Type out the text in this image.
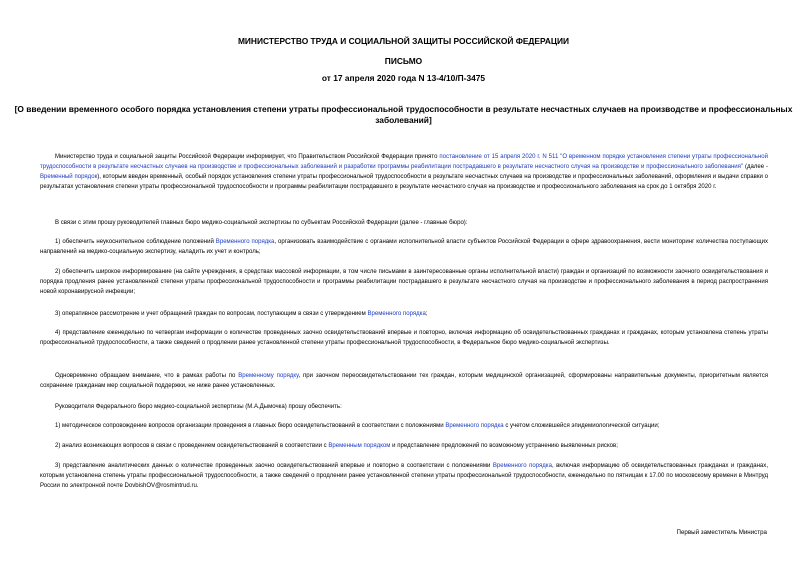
МИНИСТЕРСТВО ТРУДА И СОЦИАЛЬНОЙ ЗАЩИТЫ РОССИЙСКОЙ ФЕДЕРАЦИИ
ПИСЬМО
от 17 апреля 2020 года N 13-4/10/П-3475
[О введении временного особого порядка установления степени утраты профессиональной трудоспособности в результате несчастных случаев на производстве и профессиональных заболеваний]

Министерство труда и социальной защиты Российской Федерации информирует, что Правительством Российской Федерации принято постановление от 15 апреля 2020 г. N 511 "О временном порядке установления степени утраты профессиональной трудоспособности в результате несчастных случаев на производстве и профессиональных заболеваний и разработки программы реабилитации пострадавшего в результате несчастного случая на производстве и профессионального заболевания" (далее - Временный порядок), которым введен временный, особый порядок установления степени утраты профессиональной трудоспособности в результате несчастных случаев на производстве и профессиональных заболеваний, оформления и выдачи справки о результатах установления степени утраты профессиональной трудоспособности и программы реабилитации пострадавшего в результате несчастного случая на производстве и профессионального заболевания на срок до 1 октября 2020 г.

В связи с этим прошу руководителей главных бюро медико-социальной экспертизы по субъектам Российской Федерации (далее - главные бюро):

1) обеспечить неукоснительное соблюдение положений Временного порядка, организовать взаимодействие с органами исполнительной власти субъектов Российской Федерации в сфере здравоохранения, вести мониторинг количества поступающих направлений на медико-социальную экспертизу, наладить их учет и контроль;

2) обеспечить широкое информирование (на сайте учреждения, в средствах массовой информации, в том числе письмами в заинтересованные органы исполнительной власти) граждан и организаций по возможности заочного освидетельствования и порядка продления ранее установленной степени утраты профессиональной трудоспособности и программы реабилитации пострадавшего в результате несчастного случая на производстве и профессионального заболевания в период распространения новой коронавирусной инфекции;

3) оперативное рассмотрение и учет обращений граждан по вопросам, поступающим в связи с утверждением Временного порядка;

4) представление еженедельно по четвергам информации о количестве проведенных заочно освидетельствований впервые и повторно, включая информацию об освидетельствованных гражданах и гражданах, которым установлена степень утраты профессиональной трудоспособности, а также сведений о продлении ранее установленной степени утраты профессиональной трудоспособности, в Федеральное бюро медико-социальной экспертизы.

Одновременно обращаем внимание, что в рамках работы по Временному порядку, при заочном переосвидетельствовании тех граждан, которым медицинской организацией, сформированы направительные документы, приоритетным является сохранение гражданам мер социальной поддержки, не ниже ранее установленных.

Руководителя Федерального бюро медико-социальной экспертизы (М.А.Дымочка) прошу обеспечить:

1) методическое сопровождение вопросов организации проведения в главных бюро освидетельствований в соответствии с положениями Временного порядка с учетом сложившейся эпидемиологической ситуации;

2) анализ возникающих вопросов в связи с проведением освидетельствований в соответствии с Временным порядком и представление предложений по возможному устранению выявленных рисков;

3) представление аналитических данных о количестве проведенных заочно освидетельствований впервые и повторно в соответствии с положениями Временного порядка, включая информацию об освидетельствованных гражданах и гражданах, которым установлена степень утраты профессиональной трудоспособности, а также сведений о продлении ранее установленной степени утраты профессиональной трудоспособности, еженедельно по пятницам к 17.00 по московскому времени в Минтруд России по электронной почте DovbishOV@rosmintrud.ru.

Первый заместитель Министра
